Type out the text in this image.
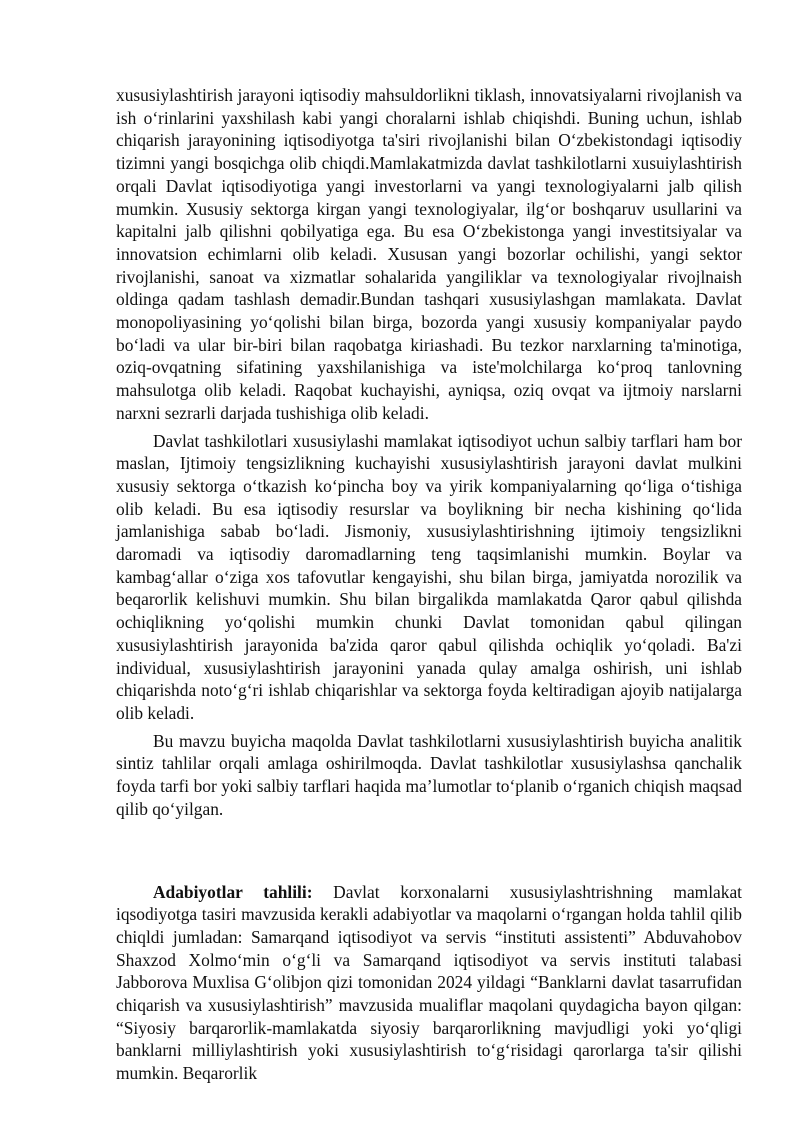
xususiylashtirish jarayoni iqtisodiy mahsuldorlikni tiklash, innovatsiyalarni rivojlanish va ish o‘rinlarini yaxshilash kabi yangi choralarni ishlab chiqishdi. Buning uchun, ishlab chiqarish jarayonining iqtisodiyotga ta'siri rivojlanishi bilan O‘zbekistondagi iqtisodiy tizimni yangi bosqichga olib chiqdi.Mamlakatmizda davlat tashkilotlarni xusuiylashtirish orqali Davlat iqtisodiyotiga yangi investorlarni va yangi texnologiyalarni jalb qilish mumkin. Xususiy sektorga kirgan yangi texnologiyalar, ilg‘or boshqaruv usullarini va kapitalni jalb qilishni qobilyatiga ega. Bu esa O‘zbekistonga yangi investitsiyalar va innovatsion echimlarni olib keladi. Xususan yangi bozorlar ochilishi, yangi sektor rivojlanishi, sanoat va xizmatlar sohalarida yangiliklar va texnologiyalar rivojlnaish oldinga qadam tashlash demadir.Bundan tashqari xususiylashgan mamlakata. Davlat monopoliyasining yo‘qolishi bilan birga, bozorda yangi xususiy kompaniyalar paydo bo‘ladi va ular bir-biri bilan raqobatga kiriashadi. Bu tezkor narxlarning ta'minotiga, oziq-ovqatning sifatining yaxshilanishiga va iste'molchilarga ko‘proq tanlovning mahsulotga olib keladi. Raqobat kuchayishi, ayniqsa, oziq ovqat va ijtmoiy narslarni narxni sezrarli darjada tushishiga olib keladi.

Davlat tashkilotlari xususiylashi mamlakat iqtisodiyot uchun salbiy tarflari ham bor maslan, Ijtimoiy tengsizlikning kuchayishi xususiylashtirish jarayoni davlat mulkini xususiy sektorga o‘tkazish ko‘pincha boy va yirik kompaniyalarning qo‘liga o‘tishiga olib keladi. Bu esa iqtisodiy resurslar va boylikning bir necha kishining qo‘lida jamlanishiga sabab bo‘ladi. Jismoniy, xususiylashtirishning ijtimoiy tengsizlikni daromadi va iqtisodiy daromadlarning teng taqsimlanishi mumkin. Boylar va kambag‘allar o‘ziga xos tafovutlar kengayishi, shu bilan birga, jamiyatda norozilik va beqarorlik kelishuvi mumkin. Shu bilan birgalikda mamlakatda Qaror qabul qilishda ochiqlikning yo‘qolishi mumkin chunki Davlat tomonidan qabul qilingan xususiylashtirish jarayonida ba'zida qaror qabul qilishda ochiqlik yo‘qoladi. Ba'zi individual, xususiylashtirish jarayonini yanada qulay amalga oshirish, uni ishlab chiqarishda noto‘g‘ri ishlab chiqarishlar va sektorga foyda keltiradigan ajoyib natijalarga olib keladi.

Bu mavzu buyicha maqolda Davlat tashkilotlarni xususiylashtirish buyicha analitik sintiz tahlilar orqali amlaga oshirilmoqda. Davlat tashkilotlar xususiylashsa qanchalik foyda tarfi bor yoki salbiy tarflari haqida ma’lumotlar to‘planib o‘rganich chiqish maqsad qilib qo‘yilgan.

Adabiyotlar tahlili: Davlat korxonalarni xususiylashtrishning mamlakat iqsodiyotga tasiri mavzusida kerakli adabiyotlar va maqolarni o‘rgangan holda tahlil qilib chiqldi jumladan: Samarqand iqtisodiyot va servis “instituti assistenti” Abduvahobov Shaxzod Xolmo‘min o‘g‘li va Samarqand iqtisodiyot va servis instituti talabasi Jabborova Muxlisa G‘olibjon qizi tomonidan 2024 yildagi “Banklarni davlat tasarrufidan chiqarish va xususiylashtirish” mavzusida mualiflar maqolani quydagicha bayon qilgan: “Siyosiy barqarorlik-mamlakatda siyosiy barqarorlikning mavjudligi yoki yo‘qligi banklarni milliylashtirish yoki xususiylashtirish to‘g‘risidagi qarorlarga ta'sir qilishi mumkin. Beqarorlik
